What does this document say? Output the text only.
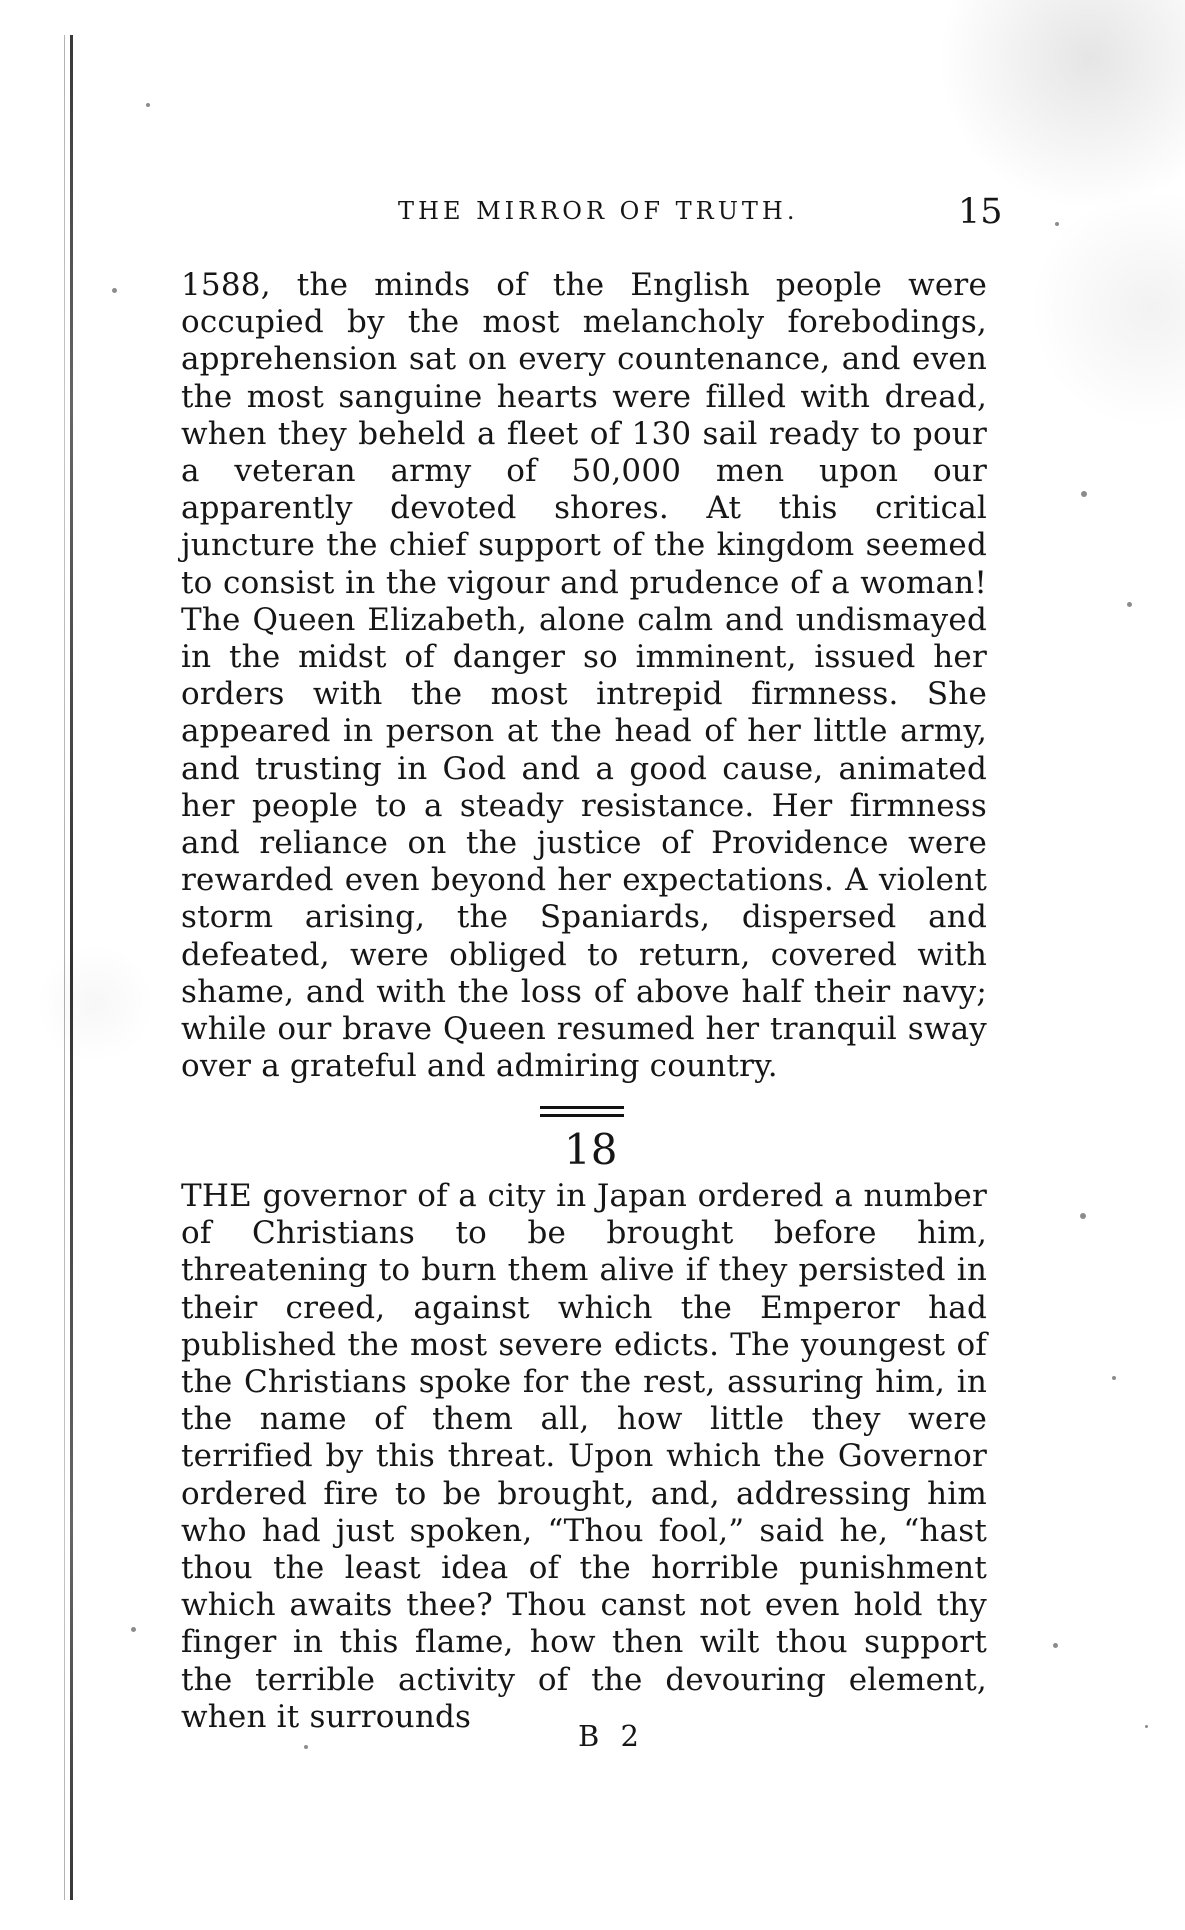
THE MIRROR OF TRUTH.	15

1588, the minds of the English people were occupied by the most melancholy forebodings, apprehension sat on every countenance, and even the most sanguine hearts were filled with dread, when they beheld a fleet of 130 sail ready to pour a veteran army of 50,000 men upon our apparently devoted shores. At this critical juncture the chief support of the kingdom seemed to consist in the vigour and prudence of a woman! The Queen Elizabeth, alone calm and undismayed in the midst of danger so imminent, issued her orders with the most intrepid firmness. She appeared in person at the head of her little army, and trusting in God and a good cause, animated her people to a steady resistance. Her firmness and reliance on the justice of Providence were rewarded even beyond her expectations. A violent storm arising, the Spaniards, dispersed and defeated, were obliged to return, covered with shame, and with the loss of above half their navy; while our brave Queen resumed her tranquil sway over a grateful and admiring country.

18

THE governor of a city in Japan ordered a number of Christians to be brought before him, threatening to burn them alive if they persisted in their creed, against which the Emperor had published the most severe edicts. The youngest of the Christians spoke for the rest, assuring him, in the name of them all, how little they were terrified by this threat. Upon which the Governor ordered fire to be brought, and, addressing him who had just spoken, “Thou fool,” said he, “hast thou the least idea of the horrible punishment which awaits thee? Thou canst not even hold thy finger in this flame, how then wilt thou support the terrible activity of the devouring element, when it surrounds

B 2
